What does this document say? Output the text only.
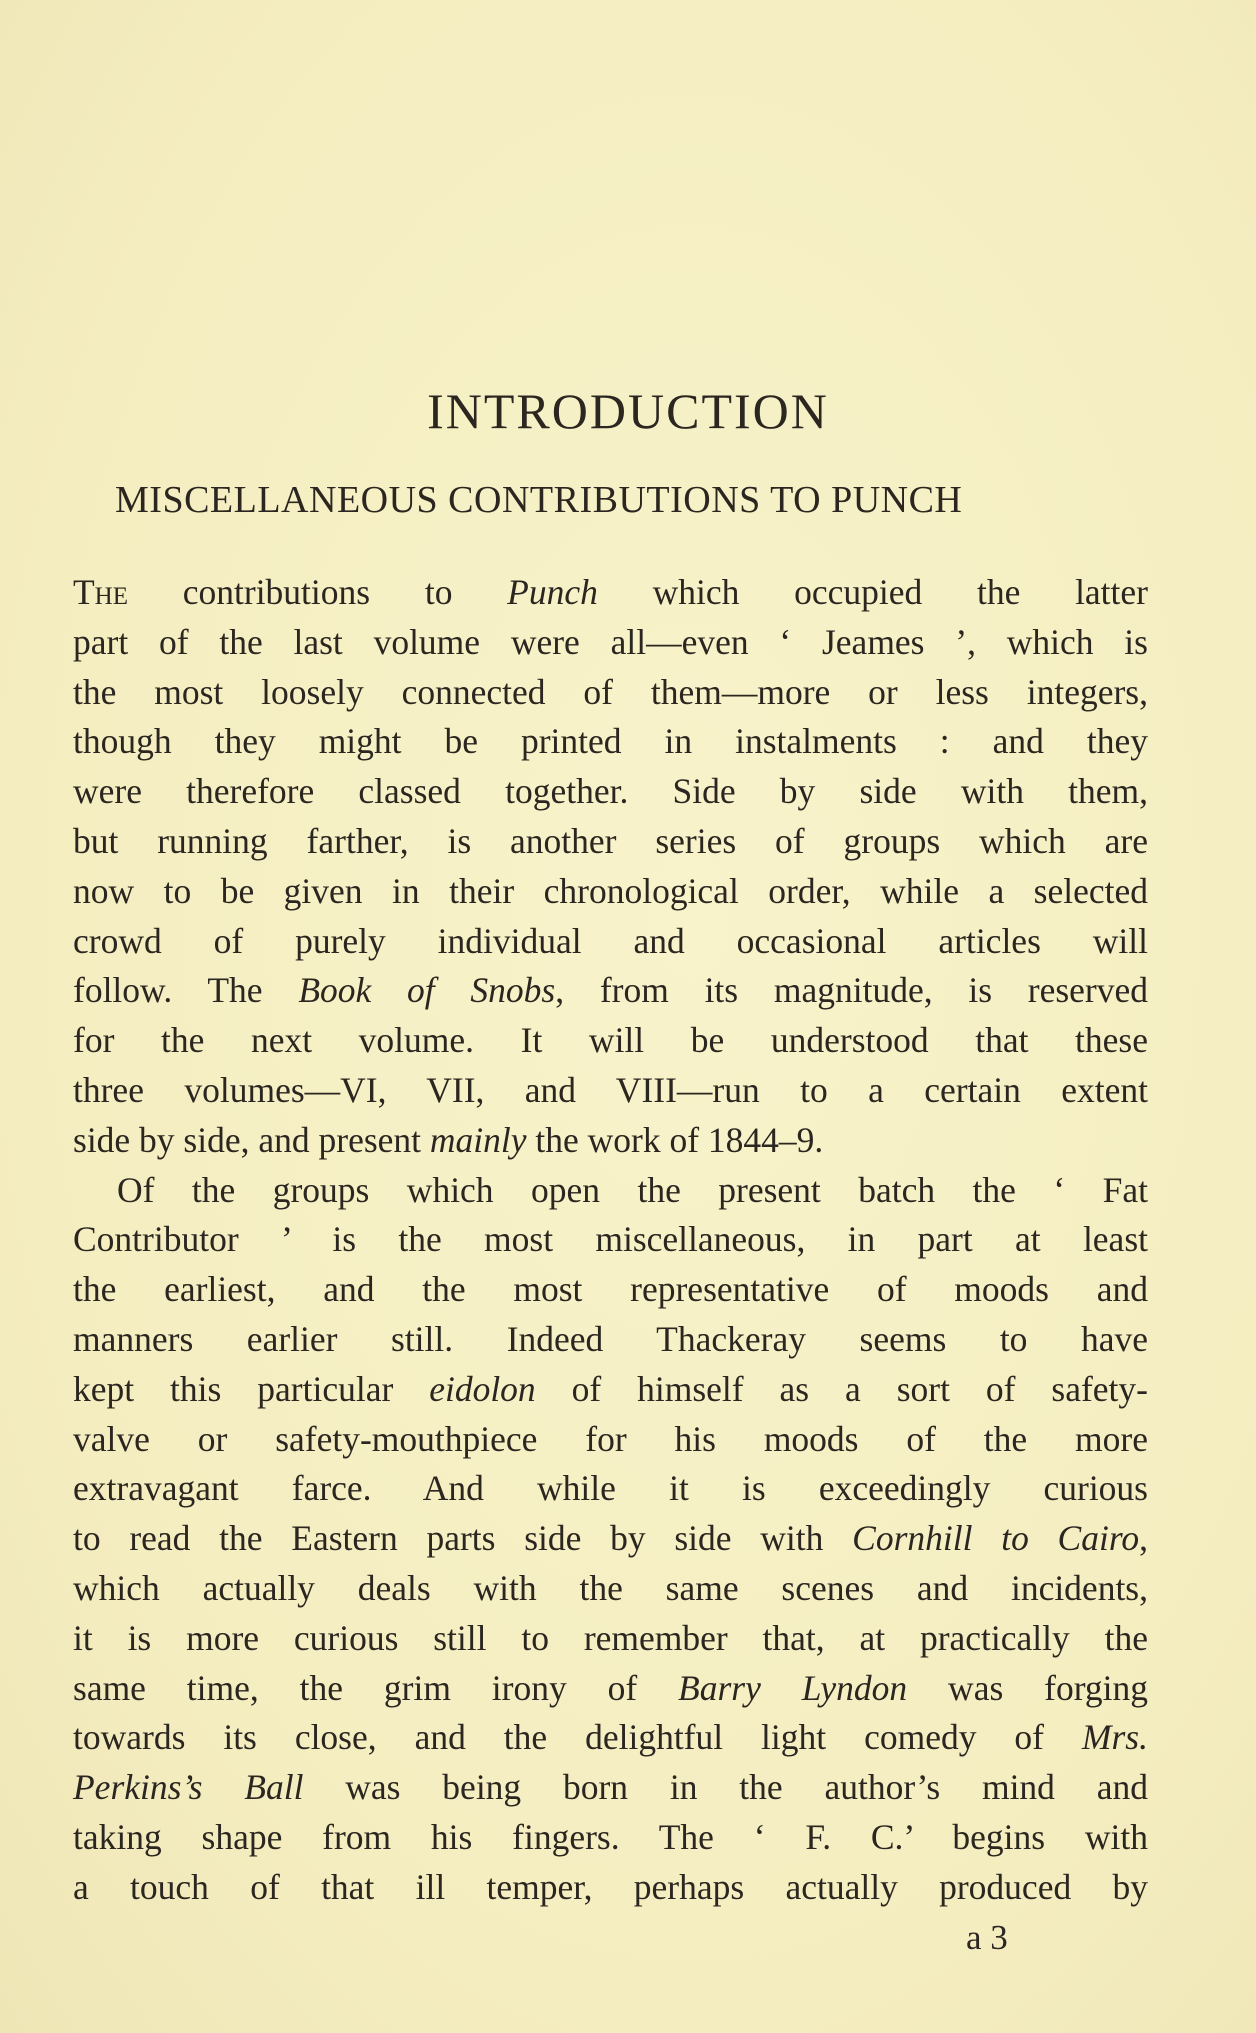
INTRODUCTION
MISCELLANEOUS CONTRIBUTIONS TO PUNCH
The contributions to Punch which occupied the latter
part of the last volume were all—even ‘ Jeames ’, which is
the most loosely connected of them—more or less integers,
though they might be printed in instalments : and they
were therefore classed together. Side by side with them,
but running farther, is another series of groups which are
now to be given in their chronological order, while a selected
crowd of purely individual and occasional articles will
follow. The Book of Snobs, from its magnitude, is reserved
for the next volume. It will be understood that these
three volumes—VI, VII, and VIII—run to a certain extent
side by side, and present mainly the work of 1844–9.
Of the groups which open the present batch the ‘ Fat
Contributor ’ is the most miscellaneous, in part at least
the earliest, and the most representative of moods and
manners earlier still. Indeed Thackeray seems to have
kept this particular eidolon of himself as a sort of safety-
valve or safety-mouthpiece for his moods of the more
extravagant farce. And while it is exceedingly curious
to read the Eastern parts side by side with Cornhill to Cairo,
which actually deals with the same scenes and incidents,
it is more curious still to remember that, at practically the
same time, the grim irony of Barry Lyndon was forging
towards its close, and the delightful light comedy of Mrs.
Perkins’s Ball was being born in the author’s mind and
taking shape from his fingers. The ‘ F. C.’ begins with
a touch of that ill temper, perhaps actually produced by
a 3
